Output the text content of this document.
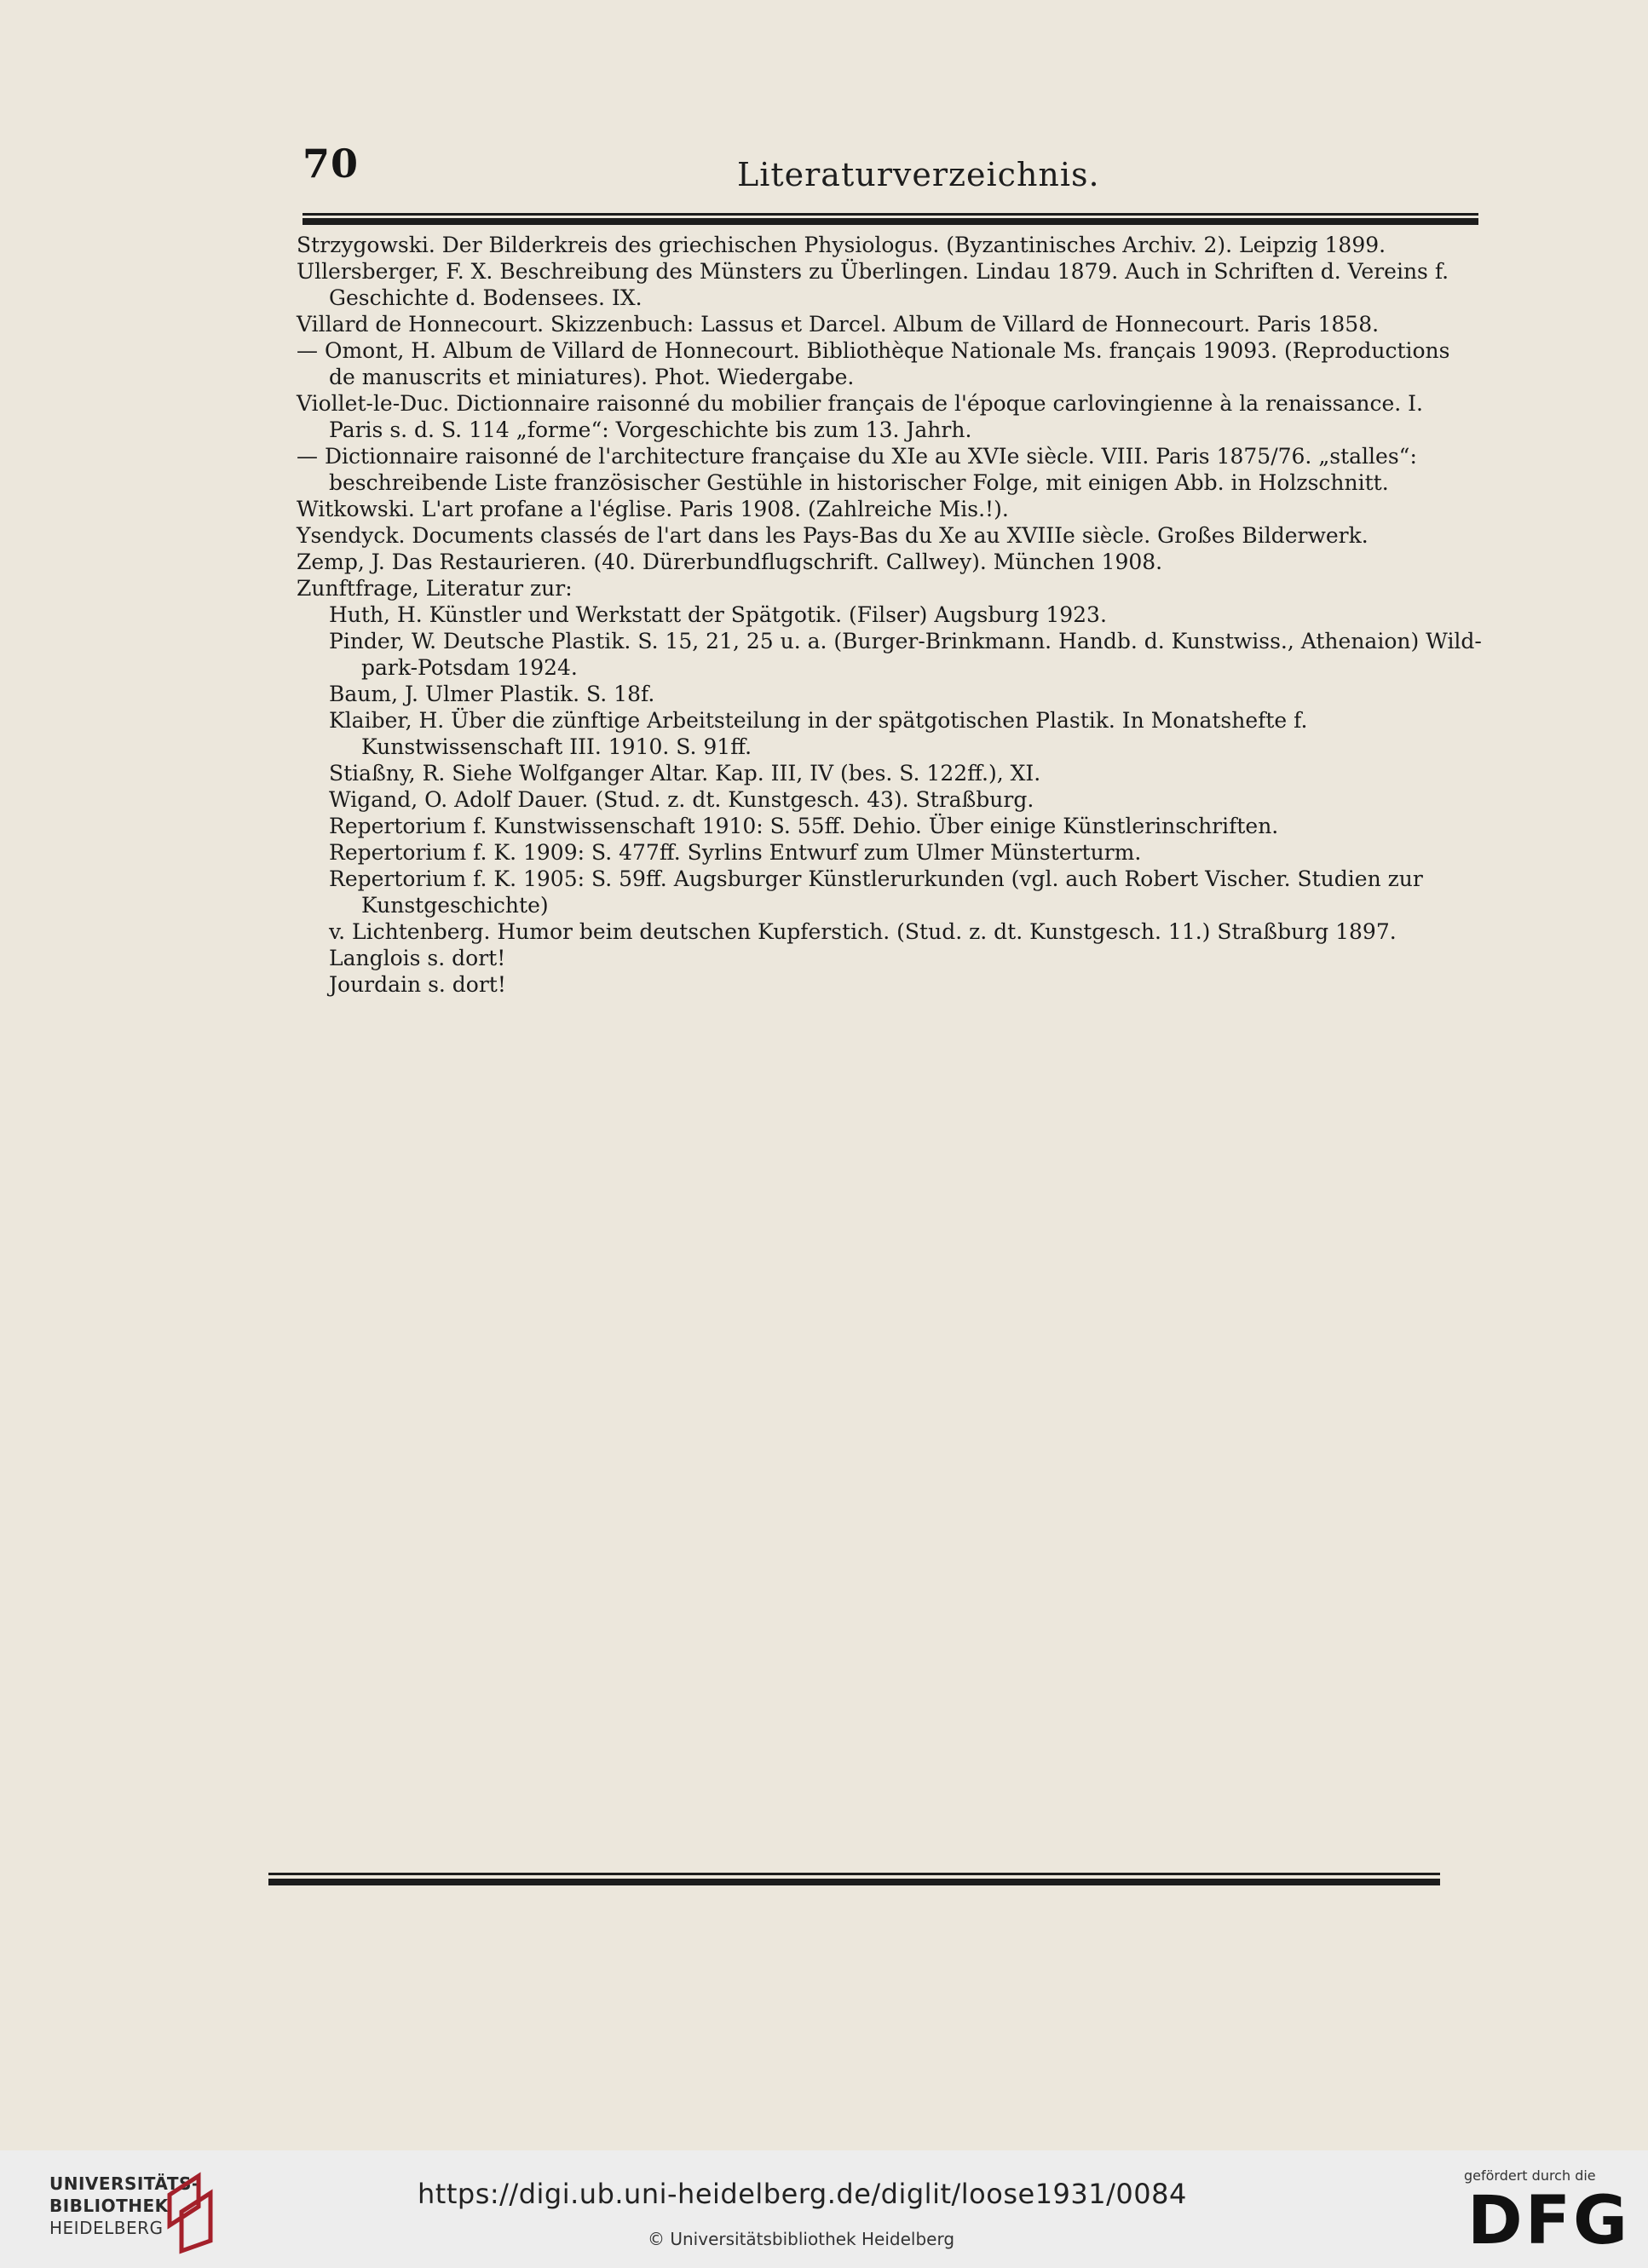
70	Literaturverzeichnis.

Strzygowski. Der Bilderkreis des griechischen Physiologus. (Byzantinisches Archiv. 2). Leipzig 1899.

Ullersberger, F. X. Beschreibung des Münsters zu Überlingen. Lindau 1879. Auch in Schriften d. Vereins f. Geschichte d. Bodensees. IX.

Villard de Honnecourt. Skizzenbuch: Lassus et Darcel. Album de Villard de Honnecourt. Paris 1858.

— Omont, H. Album de Villard de Honnecourt. Bibliothèque Nationale Ms. français 19093. (Reproductions de manuscrits et miniatures). Phot. Wiedergabe.

Viollet-le-Duc. Dictionnaire raisonné du mobilier français de l'époque carlovingienne à la renaissance. I. Paris s. d. S. 114 „forme“: Vorgeschichte bis zum 13. Jahrh.

— Dictionnaire raisonné de l'architecture française du XIe au XVIe siècle. VIII. Paris 1875/76. „stalles“: beschreibende Liste französischer Gestühle in historischer Folge, mit einigen Abb. in Holzschnitt.

Witkowski. L'art profane a l'église. Paris 1908. (Zahlreiche Mis.!).

Ysendyck. Documents classés de l'art dans les Pays-Bas du Xe au XVIIIe siècle. Großes Bilderwerk.

Zemp, J. Das Restaurieren. (40. Dürerbundflugschrift. Callwey). München 1908.

Zunftfrage, Literatur zur:

Huth, H. Künstler und Werkstatt der Spätgotik. (Filser) Augsburg 1923.

Pinder, W. Deutsche Plastik. S. 15, 21, 25 u. a. (Burger-Brinkmann. Handb. d. Kunstwiss., Athenaion) Wild-park-Potsdam 1924.

Baum, J. Ulmer Plastik. S. 18f.

Klaiber, H. Über die zünftige Arbeitsteilung in der spätgotischen Plastik. In Monatshefte f. Kunstwissenschaft III. 1910. S. 91ff.

Stiaßny, R. Siehe Wolfganger Altar. Kap. III, IV (bes. S. 122ff.), XI.

Wigand, O. Adolf Dauer. (Stud. z. dt. Kunstgesch. 43). Straßburg.

Repertorium f. Kunstwissenschaft 1910: S. 55ff. Dehio. Über einige Künstlerinschriften.

Repertorium f. K. 1909: S. 477ff. Syrlins Entwurf zum Ulmer Münsterturm.

Repertorium f. K. 1905: S. 59ff. Augsburger Künstlerurkunden (vgl. auch Robert Vischer. Studien zur Kunstgeschichte)

v. Lichtenberg. Humor beim deutschen Kupferstich. (Stud. z. dt. Kunstgesch. 11.) Straßburg 1897.

Langlois s. dort!

Jourdain s. dort!

UNIVERSITÄTS-
BIBLIOTHEK
HEIDELBERG
https://digi.ub.uni-heidelberg.de/diglit/loose1931/0084
© Universitätsbibliothek Heidelberg
gefördert durch die
DFG
